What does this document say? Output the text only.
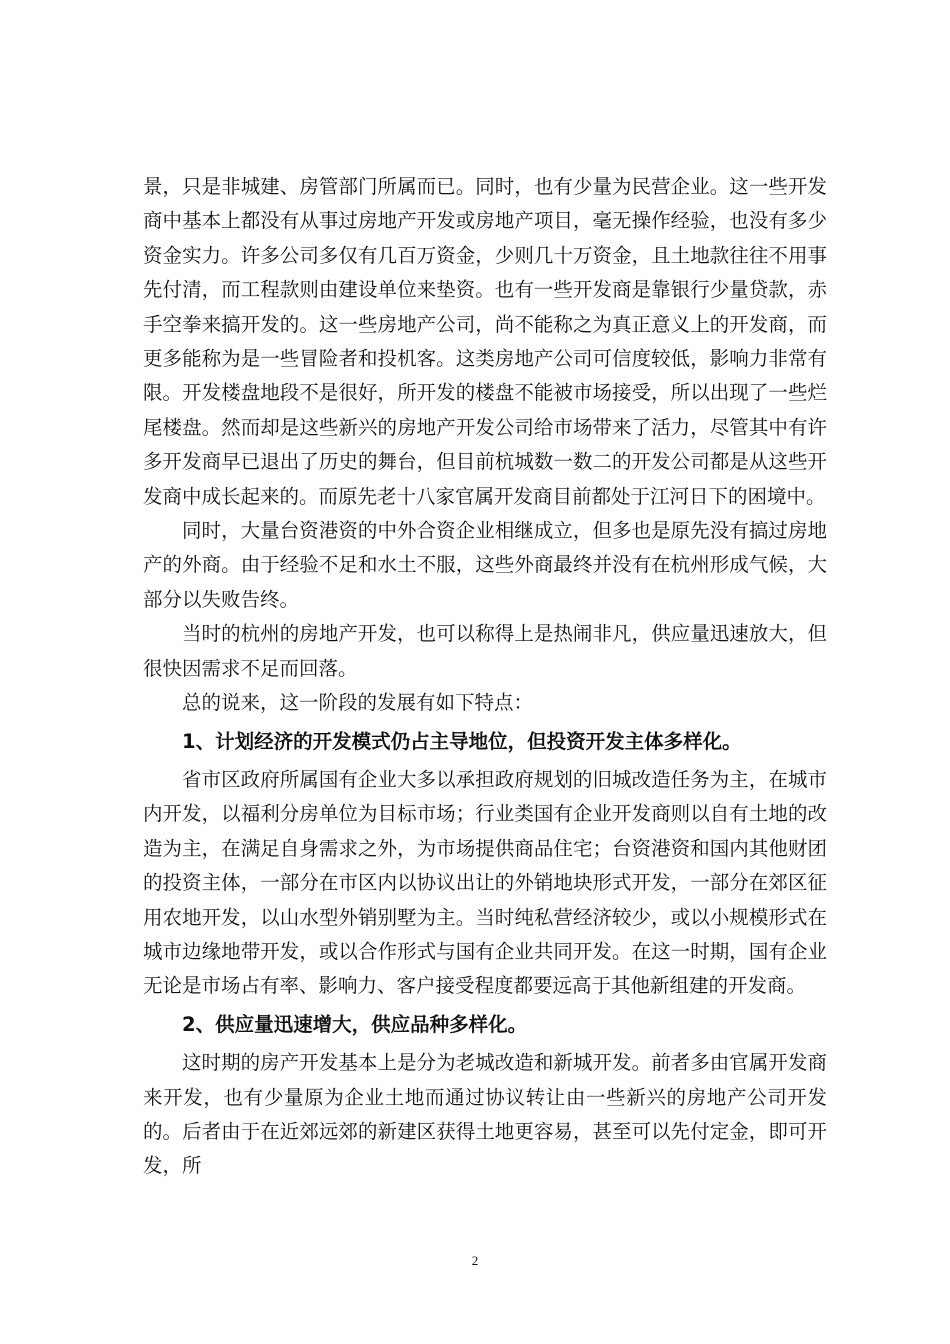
景，只是非城建、房管部门所属而已。同时，也有少量为民营企业。这一些开发商中基本上都没有从事过房地产开发或房地产项目，毫无操作经验，也没有多少资金实力。许多公司多仅有几百万资金，少则几十万资金，且土地款往往不用事先付清，而工程款则由建设单位来垫资。也有一些开发商是靠银行少量贷款，赤手空拳来搞开发的。这一些房地产公司，尚不能称之为真正意义上的开发商，而更多能称为是一些冒险者和投机客。这类房地产公司可信度较低，影响力非常有限。开发楼盘地段不是很好，所开发的楼盘不能被市场接受，所以出现了一些烂尾楼盘。然而却是这些新兴的房地产开发公司给市场带来了活力，尽管其中有许多开发商早已退出了历史的舞台，但目前杭城数一数二的开发公司都是从这些开发商中成长起来的。而原先老十八家官属开发商目前都处于江河日下的困境中。

同时，大量台资港资的中外合资企业相继成立，但多也是原先没有搞过房地产的外商。由于经验不足和水土不服，这些外商最终并没有在杭州形成气候，大部分以失败告终。

当时的杭州的房地产开发，也可以称得上是热闹非凡，供应量迅速放大，但很快因需求不足而回落。

总的说来，这一阶段的发展有如下特点：

1、计划经济的开发模式仍占主导地位，但投资开发主体多样化。

省市区政府所属国有企业大多以承担政府规划的旧城改造任务为主，在城市内开发，以福利分房单位为目标市场；行业类国有企业开发商则以自有土地的改造为主，在满足自身需求之外，为市场提供商品住宅；台资港资和国内其他财团的投资主体，一部分在市区内以协议出让的外销地块形式开发，一部分在郊区征用农地开发，以山水型外销别墅为主。当时纯私营经济较少，或以小规模形式在城市边缘地带开发，或以合作形式与国有企业共同开发。在这一时期，国有企业无论是市场占有率、影响力、客户接受程度都要远高于其他新组建的开发商。

2、供应量迅速增大，供应品种多样化。

这时期的房产开发基本上是分为老城改造和新城开发。前者多由官属开发商来开发，也有少量原为企业土地而通过协议转让由一些新兴的房地产公司开发的。后者由于在近郊远郊的新建区获得土地更容易，甚至可以先付定金，即可开发，所

2
